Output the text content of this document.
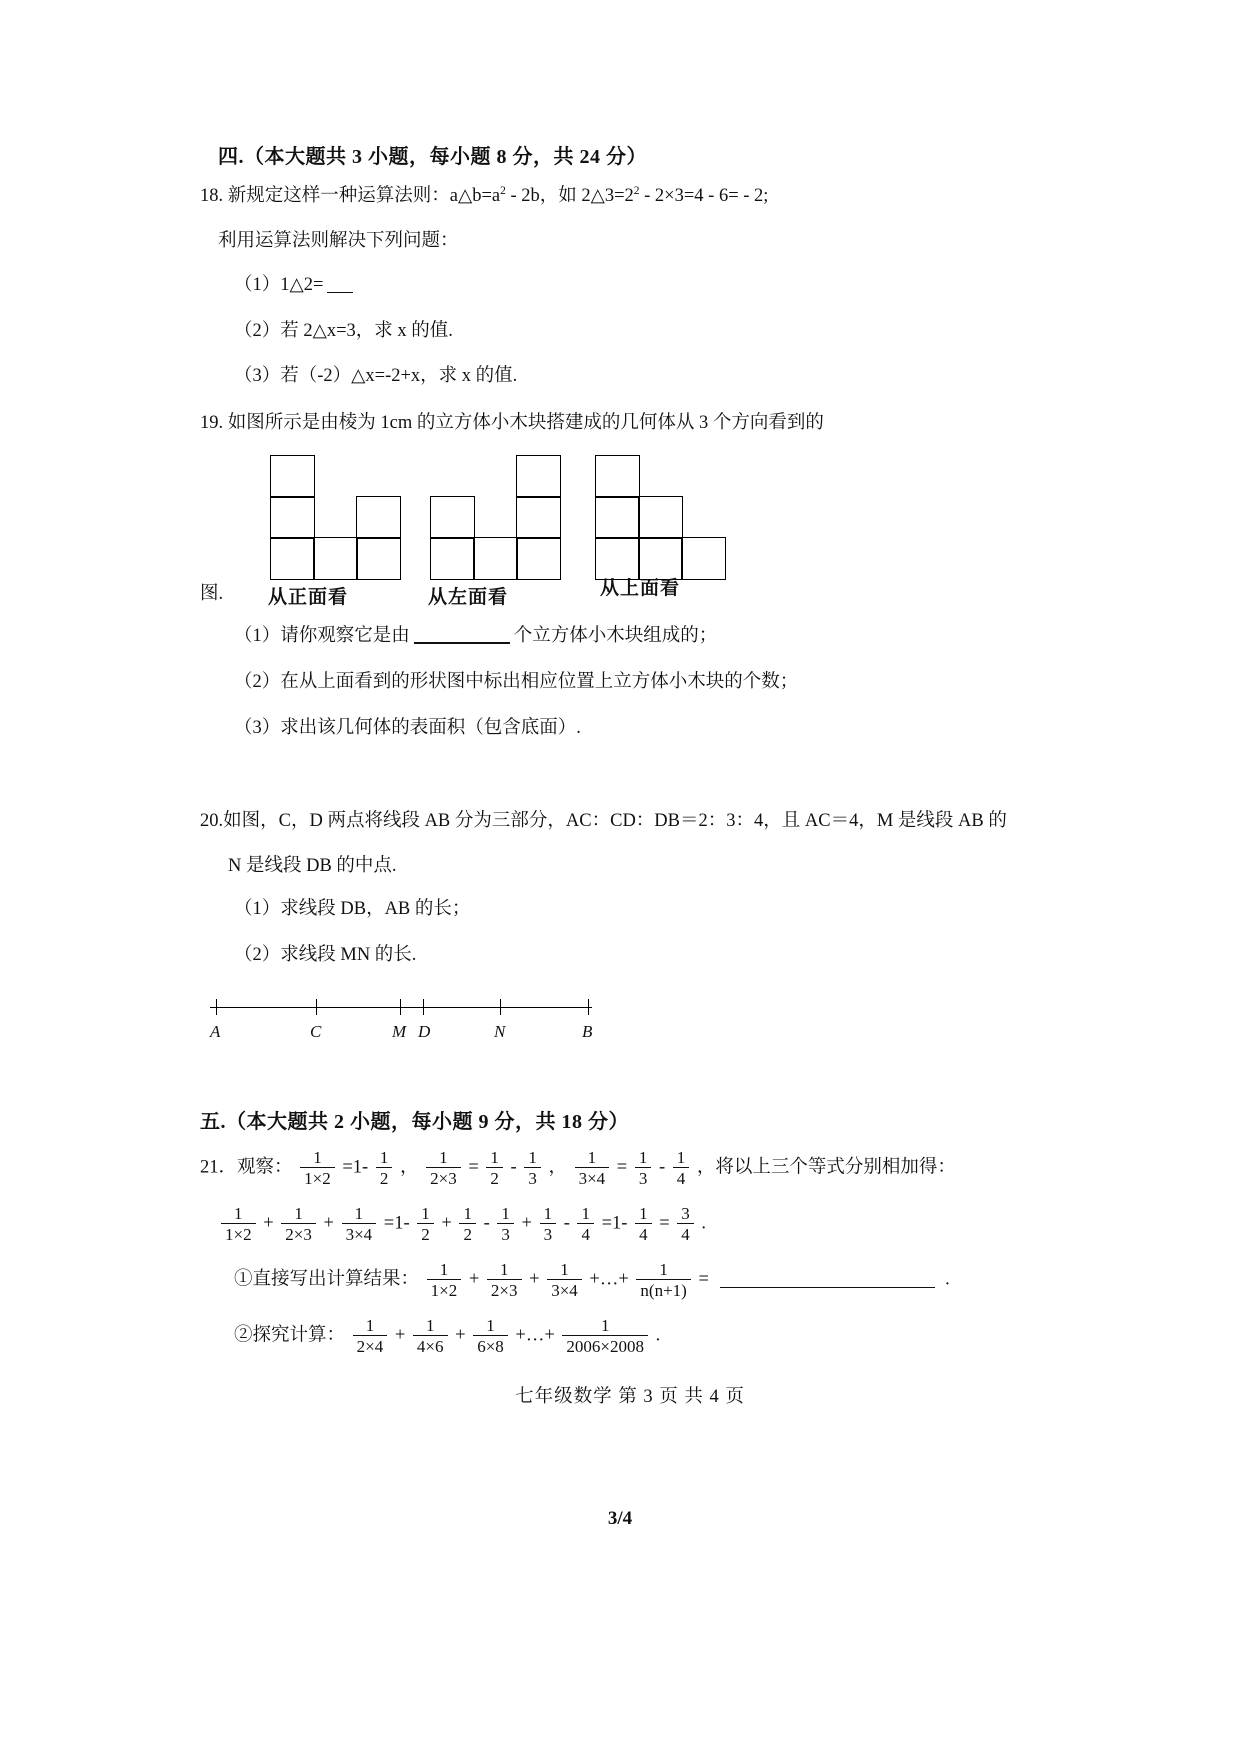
四.（本大题共 3 小题，每小题 8 分，共 24 分）
18. 新规定这样一种运算法则：$a\triangle b=a^2 - 2b$，如 $2\triangle 3=2^2 - 2\times 3=4 - 6= - 2$;
利用运算法则解决下列问题：
（1）1△2=
（2）若 2△x=3，求 x 的值.
（3）若（-2）△x=-2+x，求 x 的值.
19. 如图所示是由棱为 1cm 的立方体小木块搭建成的几何体从 3 个方向看到的
图. 从正面看	从左面看	从上面看
（1）请你观察它是由	个立方体小木块组成的；
（2）在从上面看到的形状图中标出相应位置上立方体小木块的个数；
（3）求出该几何体的表面积（包含底面）.
20.如图，C，D 两点将线段 AB 分为三部分，AC：CD：DB＝2：3：4，且 AC＝4，M 是线段 AB 的
N 是线段 DB 的中点.
（1）求线段 DB，AB 的长；
（2）求线段 MN 的长.
A	C	M D	N	B
五.（本大题共 2 小题，每小题 9 分，共 18 分）
21．观察： $\frac{1}{1\times 2} =1- \frac{1}{2}$ ， $\frac{1}{2\times 3} = \frac{1}{2} - \frac{1}{3}$ ， $\frac{1}{3\times 4} = \frac{1}{3} - \frac{1}{4}$ ，将以上三个等式分别相加得：
$\frac{1}{1\times 2} + \frac{1}{2\times 3} + \frac{1}{3\times 4} =1- \frac{1}{2} + \frac{1}{2} - \frac{1}{3} + \frac{1}{3} - \frac{1}{4} =1- \frac{1}{4} = \frac{3}{4}$ .
①直接写出计算结果： $\frac{1}{1\times 2} + \frac{1}{2\times 3} + \frac{1}{3\times 4}$ +…+ $\frac{1}{n(n+1)}$ =	.
②探究计算： $\frac{1}{2\times 4} + \frac{1}{4\times 6} + \frac{1}{6\times 8}$ +…+ $\frac{1}{2006\times 2008}$ .
七年级数学 第 3 页 共 4 页
3/4
